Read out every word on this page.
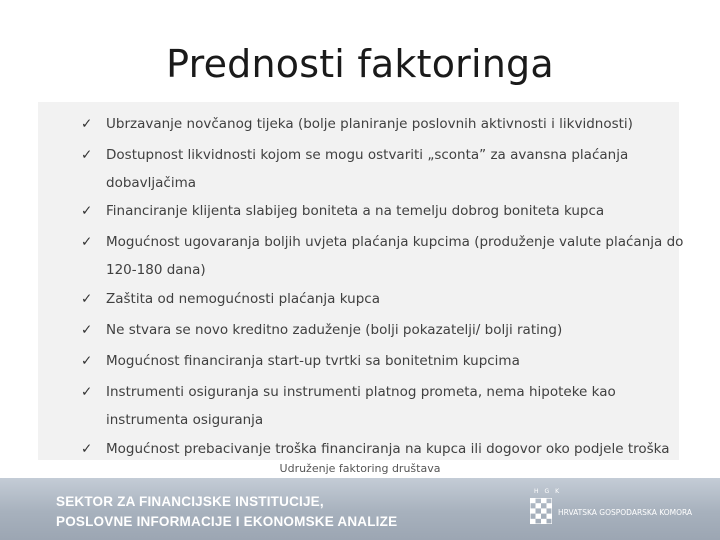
Prednosti faktoringa
✓	Ubrzavanje novčanog tijeka (bolje planiranje poslovnih aktivnosti i likvidnosti)
✓	Dostupnost likvidnosti kojom se mogu ostvariti „sconta” za avansna plaćanja
dobavljačima
✓	Financiranje klijenta slabijeg boniteta a na temelju dobrog boniteta kupca
✓	Mogućnost ugovaranja boljih uvjeta plaćanja kupcima (produženje valute plaćanja do
120-180 dana)
✓	Zaštita od nemogućnosti plaćanja kupca
✓	Ne stvara se novo kreditno zaduženje (bolji pokazatelji/ bolji rating)
✓	Mogućnost financiranja start-up tvrtki sa bonitetnim kupcima
✓	Instrumenti osiguranja su instrumenti platnog prometa, nema hipoteke kao
instrumenta osiguranja
✓	Mogućnost prebacivanje troška financiranja na kupca ili dogovor oko podjele troška
Udruženje faktoring društava
SEKTOR ZA FINANCIJSKE INSTITUCIJE,
POSLOVNE INFORMACIJE I EKONOMSKE ANALIZE
HGK
HRVATSKA GOSPODARSKA KOMORA
